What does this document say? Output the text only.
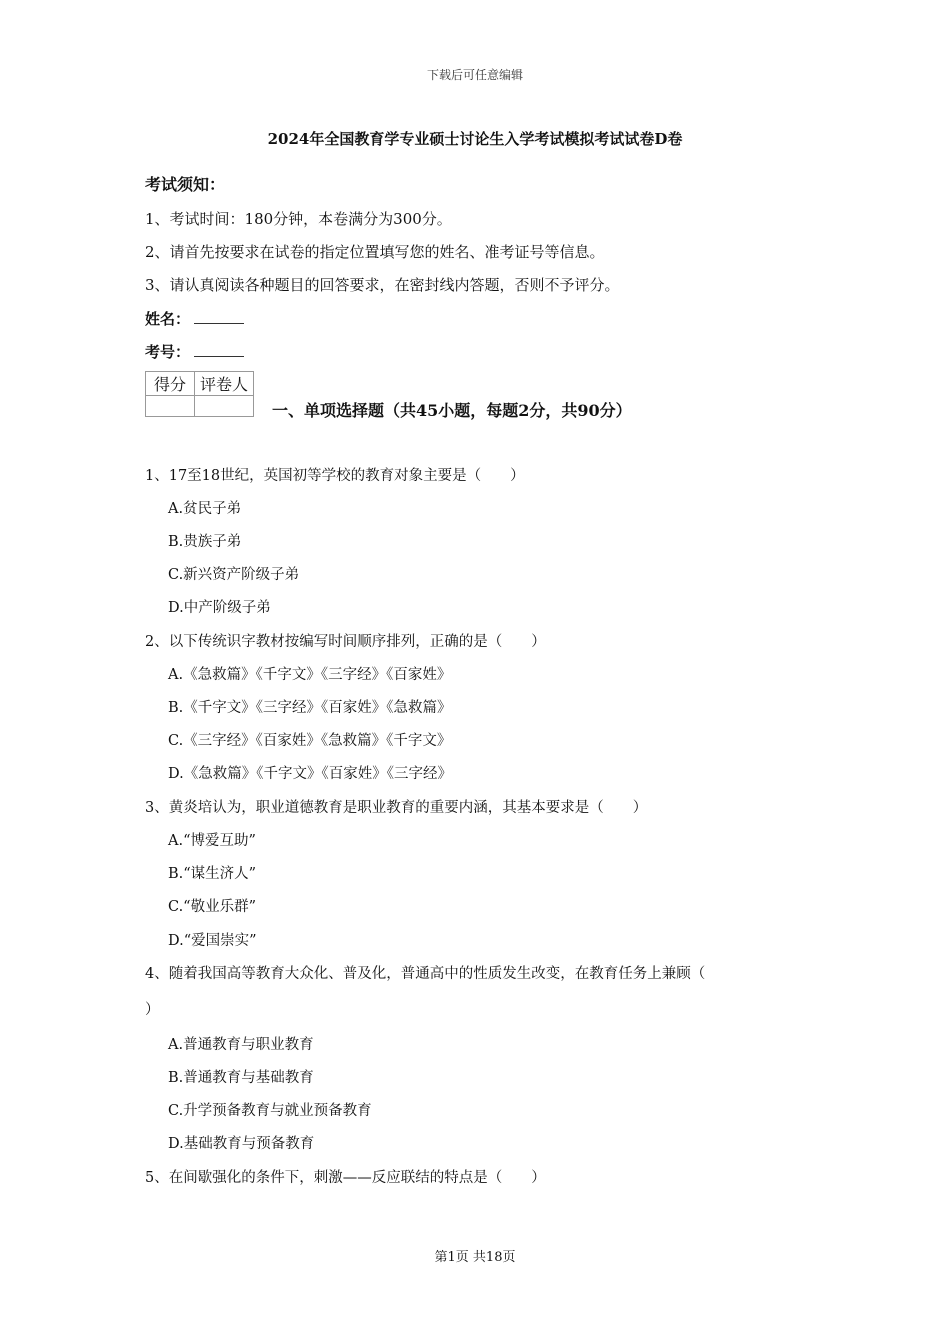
下载后可任意编辑
2024年全国教育学专业硕士讨论生入学考试模拟考试试卷D卷
考试须知：
1、考试时间：180分钟，本卷满分为300分。
2、请首先按要求在试卷的指定位置填写您的姓名、准考证号等信息。
3、请认真阅读各种题目的回答要求，在密封线内答题，否则不予评分。
姓名：
考号：
得分	评卷人

一、单项选择题（共45小题，每题2分，共90分）
1、17至18世纪，英国初等学校的教育对象主要是（　　）
A.贫民子弟
B.贵族子弟
C.新兴资产阶级子弟
D.中产阶级子弟
2、以下传统识字教材按编写时间顺序排列，正确的是（　　）
A.《急救篇》《千字文》《三字经》《百家姓》
B.《千字文》《三字经》《百家姓》《急救篇》
C.《三字经》《百家姓》《急救篇》《千字文》
D.《急救篇》《千字文》《百家姓》《三字经》
3、黄炎培认为，职业道德教育是职业教育的重要内涵，其基本要求是（　　）
A.“博爱互助”
B.“谋生济人”
C.“敬业乐群”
D.“爱国崇实”
4、随着我国高等教育大众化、普及化，普通高中的性质发生改变，在教育任务上兼顾（
）
A.普通教育与职业教育
B.普通教育与基础教育
C.升学预备教育与就业预备教育
D.基础教育与预备教育
5、在间歇强化的条件下，刺激——反应联结的特点是（　　）
第1页 共18页
